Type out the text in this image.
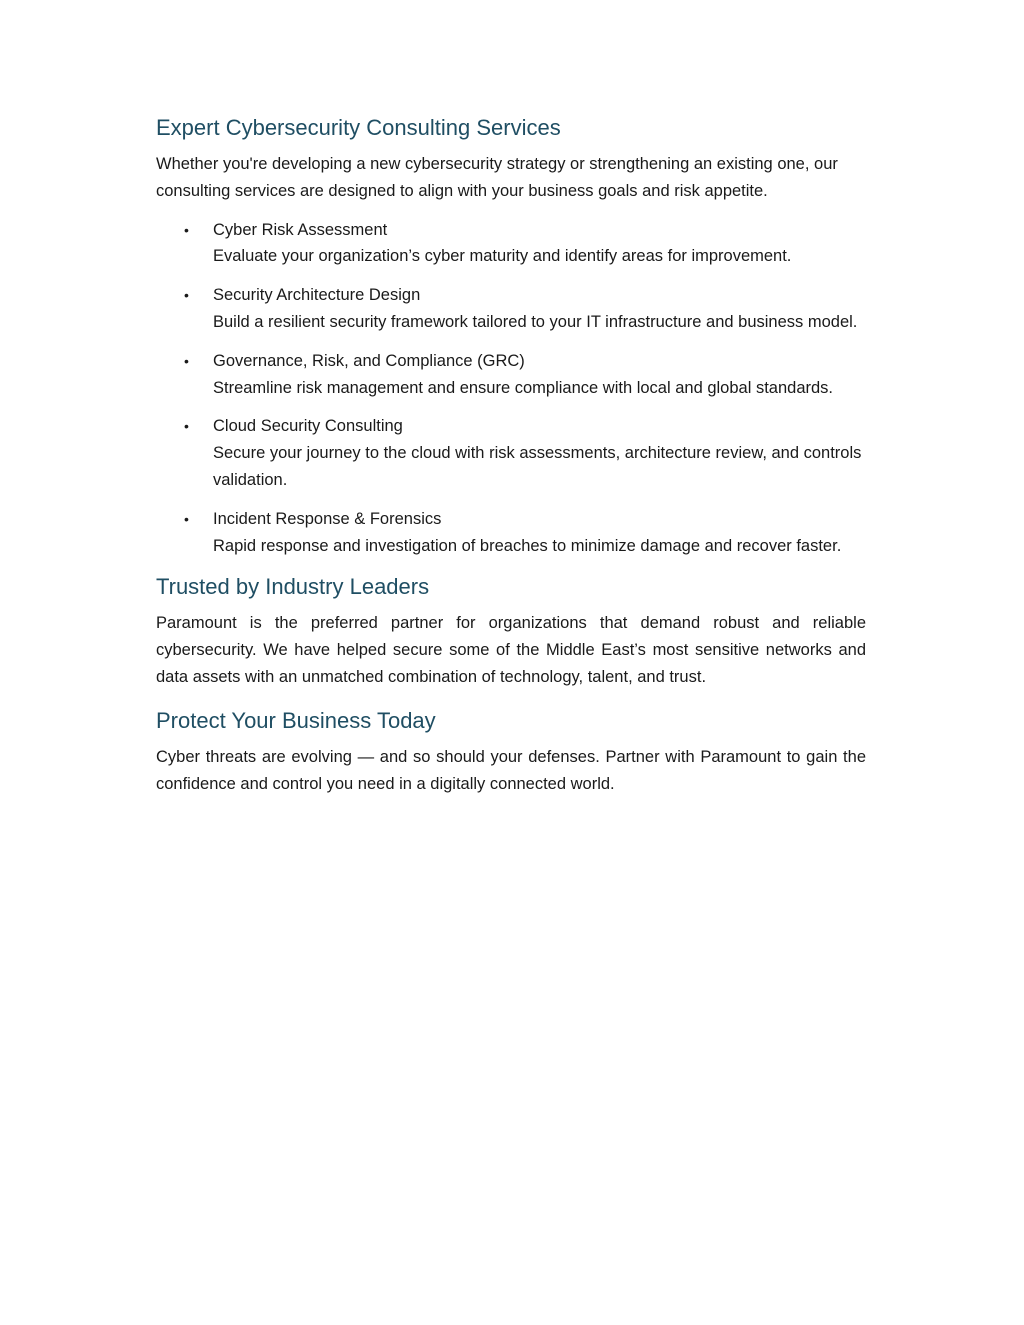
Expert Cybersecurity Consulting Services

Whether you're developing a new cybersecurity strategy or strengthening an existing one, our consulting services are designed to align with your business goals and risk appetite.

• Cyber Risk Assessment
Evaluate your organization’s cyber maturity and identify areas for improvement.
• Security Architecture Design
Build a resilient security framework tailored to your IT infrastructure and business model.
• Governance, Risk, and Compliance (GRC)
Streamline risk management and ensure compliance with local and global standards.
• Cloud Security Consulting
Secure your journey to the cloud with risk assessments, architecture review, and controls validation.
• Incident Response & Forensics
Rapid response and investigation of breaches to minimize damage and recover faster.
Trusted by Industry Leaders

Paramount is the preferred partner for organizations that demand robust and reliable cybersecurity. We have helped secure some of the Middle East’s most sensitive networks and data assets with an unmatched combination of technology, talent, and trust.

Protect Your Business Today

Cyber threats are evolving — and so should your defenses. Partner with Paramount to gain the confidence and control you need in a digitally connected world.
